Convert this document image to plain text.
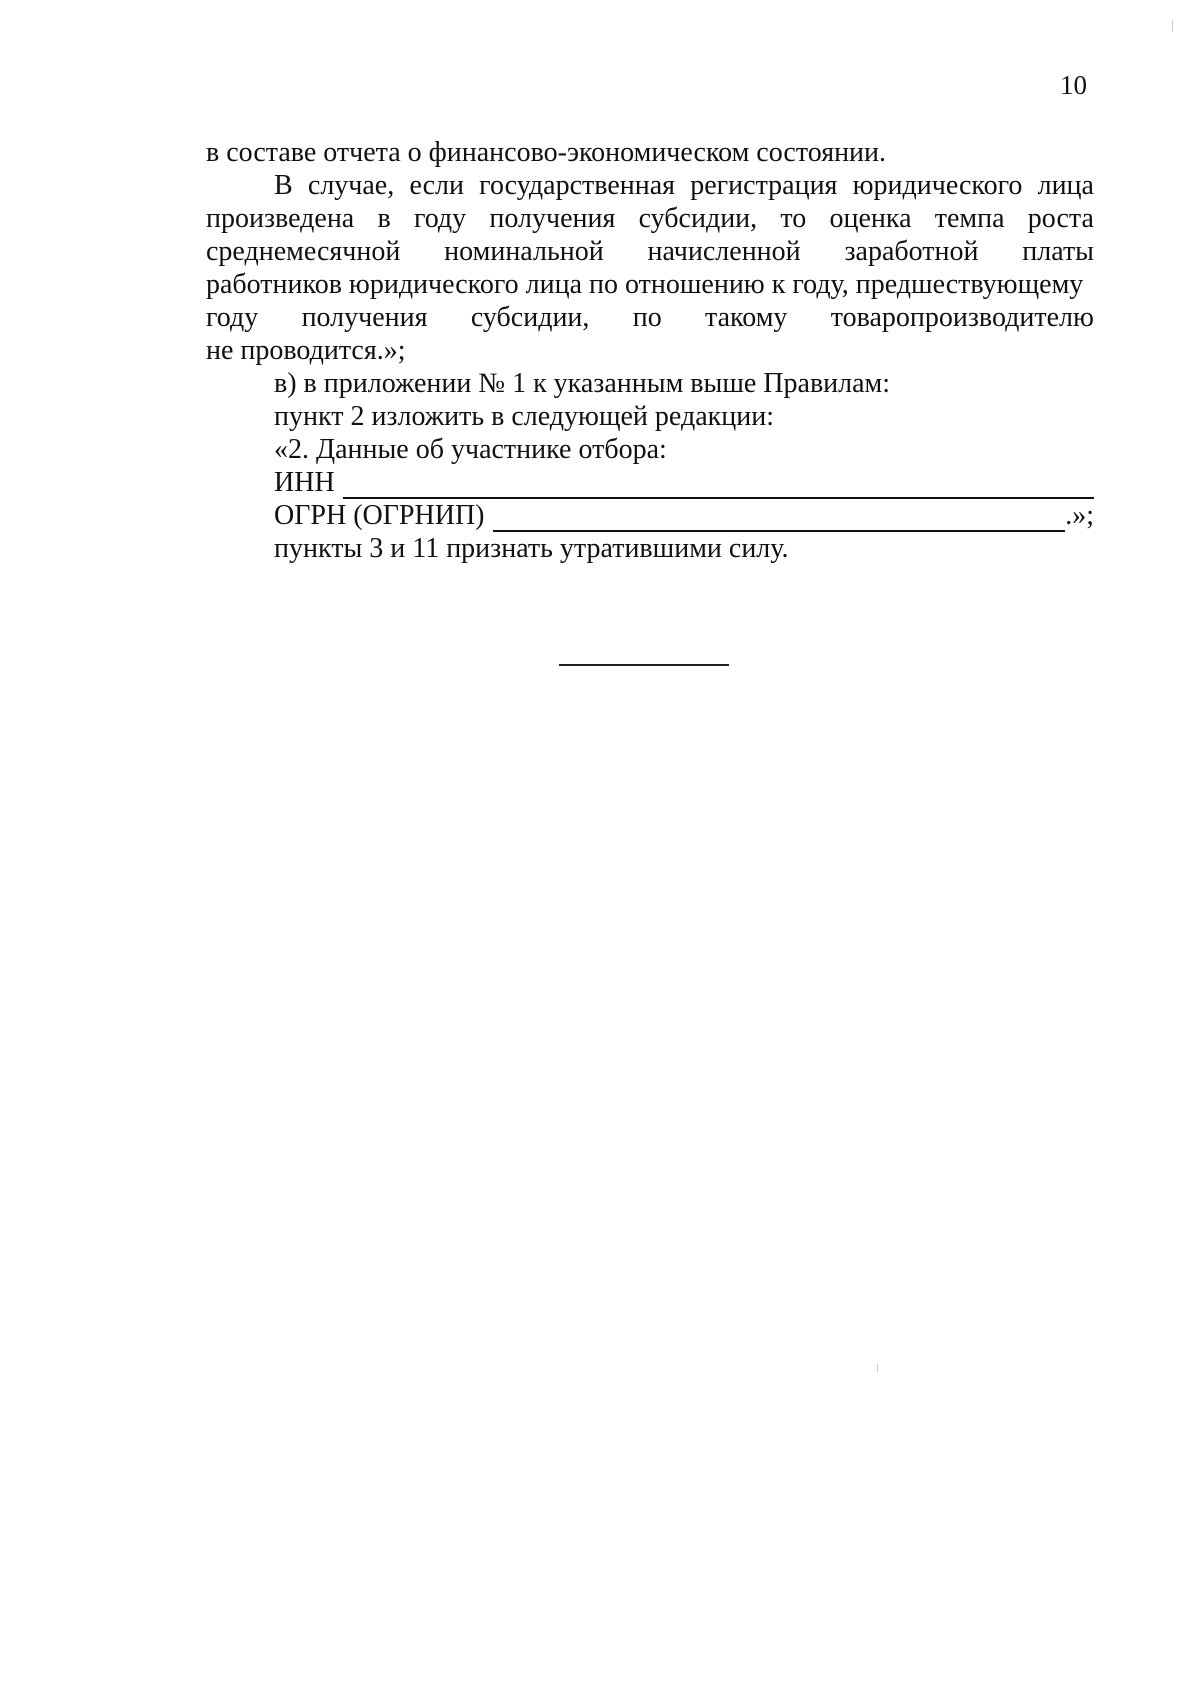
10
в составе отчета о финансово-экономическом состоянии.
В случае, если государственная регистрация юридического лица
произведена в году получения субсидии, то оценка темпа роста
среднемесячной номинальной начисленной заработной платы
работников юридического лица по отношению к году, предшествующему
году получения субсидии, по такому товаропроизводителю
не проводится.»;
в) в приложении № 1 к указанным выше Правилам:
пункт 2 изложить в следующей редакции:
«2. Данные об участнике отбора:
ИНН
ОГРН (ОГРНИП)	.»;
пункты 3 и 11 признать утратившими силу.
